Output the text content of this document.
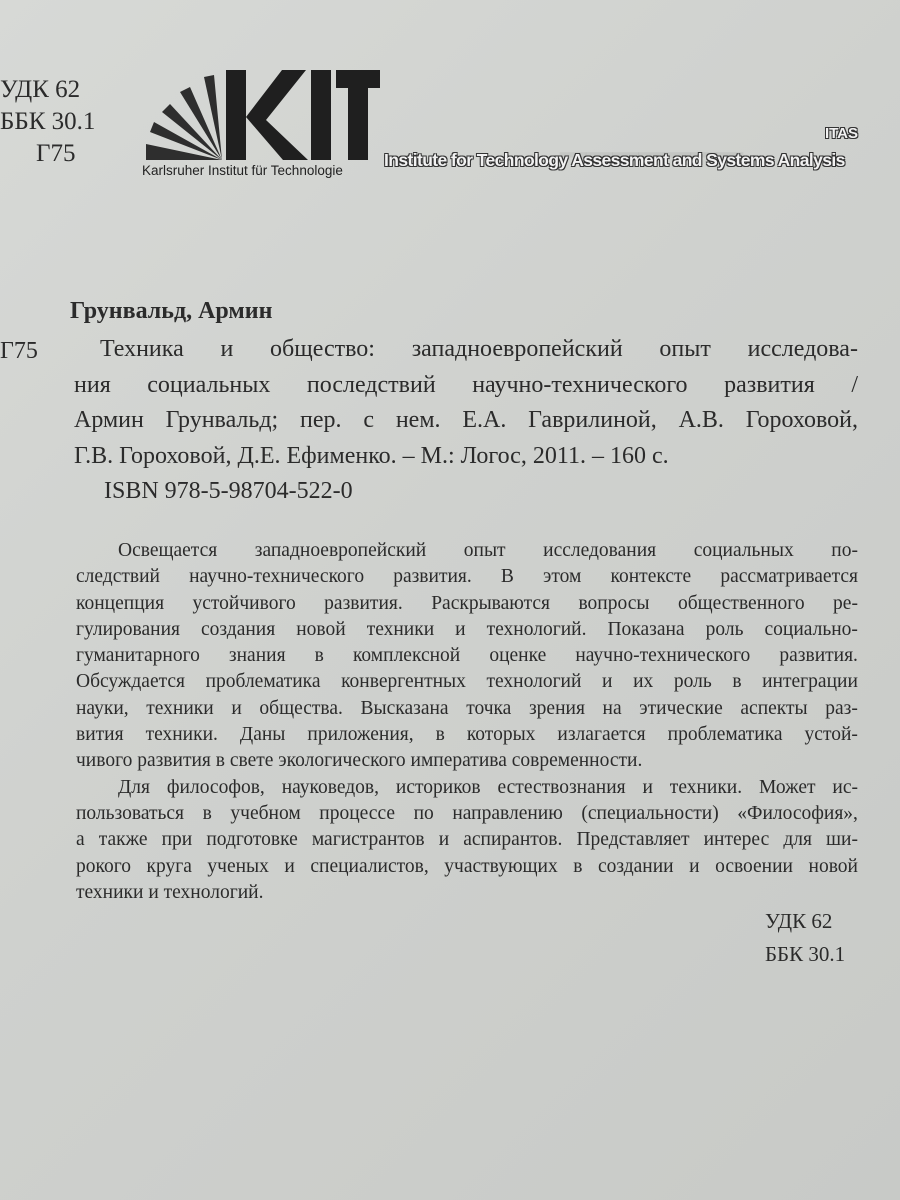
▁▁▁▁▁▁▁
УДК 62
ББК 30.1
Г75
KIT
Karlsruher Institut für Technologie
ITAS
Institute for Technology Assessment and Systems Analysis
Грунвальд, Армин
Г75	Техника и общество: западноевропейский опыт исследова-
ния социальных последствий научно-технического развития /
Армин Грунвальд; пер. с нем. Е.А. Гаврилиной, А.В. Гороховой,
Г.В. Гороховой, Д.Е. Ефименко. – М.: Логос, 2011. – 160 с.
ISBN 978-5-98704-522-0
Освещается западноевропейский опыт исследования социальных по-
следствий научно-технического развития. В этом контексте рассматривается
концепция устойчивого развития. Раскрываются вопросы общественного ре-
гулирования создания новой техники и технологий. Показана роль социально-
гуманитарного знания в комплексной оценке научно-технического развития.
Обсуждается проблематика конвергентных технологий и их роль в интеграции
науки, техники и общества. Высказана точка зрения на этические аспекты раз-
вития техники. Даны приложения, в которых излагается проблематика устой-
чивого развития в свете экологического императива современности.
Для философов, науковедов, историков естествознания и техники. Может ис-
пользоваться в учебном процессе по направлению (специальности) «Философия»,
а также при подготовке магистрантов и аспирантов. Представляет интерес для ши-
рокого круга ученых и специалистов, участвующих в создании и освоении новой
техники и технологий.
УДК 62
ББК 30.1
